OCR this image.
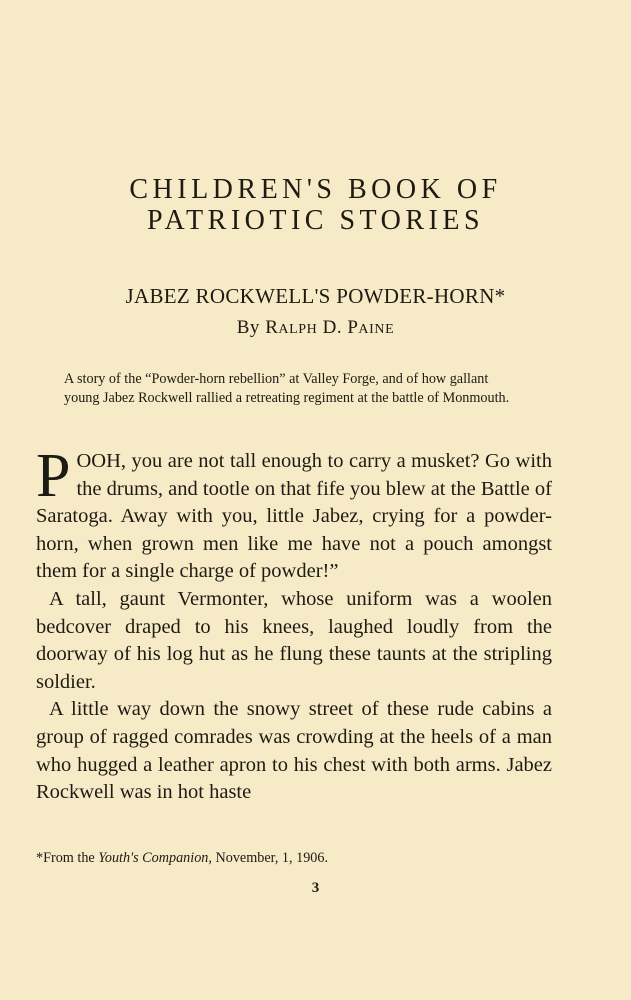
CHILDREN'S BOOK OF
PATRIOTIC STORIES
JABEZ ROCKWELL'S POWDER-HORN*
By RALPH D. PAINE
A story of the “Powder-horn rebellion” at Valley Forge, and of how gallant young Jabez Rockwell rallied a retreating regiment at the battle of Monmouth.

POOH, you are not tall enough to carry a musket? Go with the drums, and tootle on that fife you blew at the Battle of Saratoga. Away with you, little Jabez, crying for a powder-horn, when grown men like me have not a pouch amongst them for a single charge of powder!”

A tall, gaunt Vermonter, whose uniform was a woolen bedcover draped to his knees, laughed loudly from the doorway of his log hut as he flung these taunts at the stripling soldier.

A little way down the snowy street of these rude cabins a group of ragged comrades was crowding at the heels of a man who hugged a leather apron to his chest with both arms. Jabez Rockwell was in hot haste

*From the Youth's Companion, November, 1, 1906.
3
